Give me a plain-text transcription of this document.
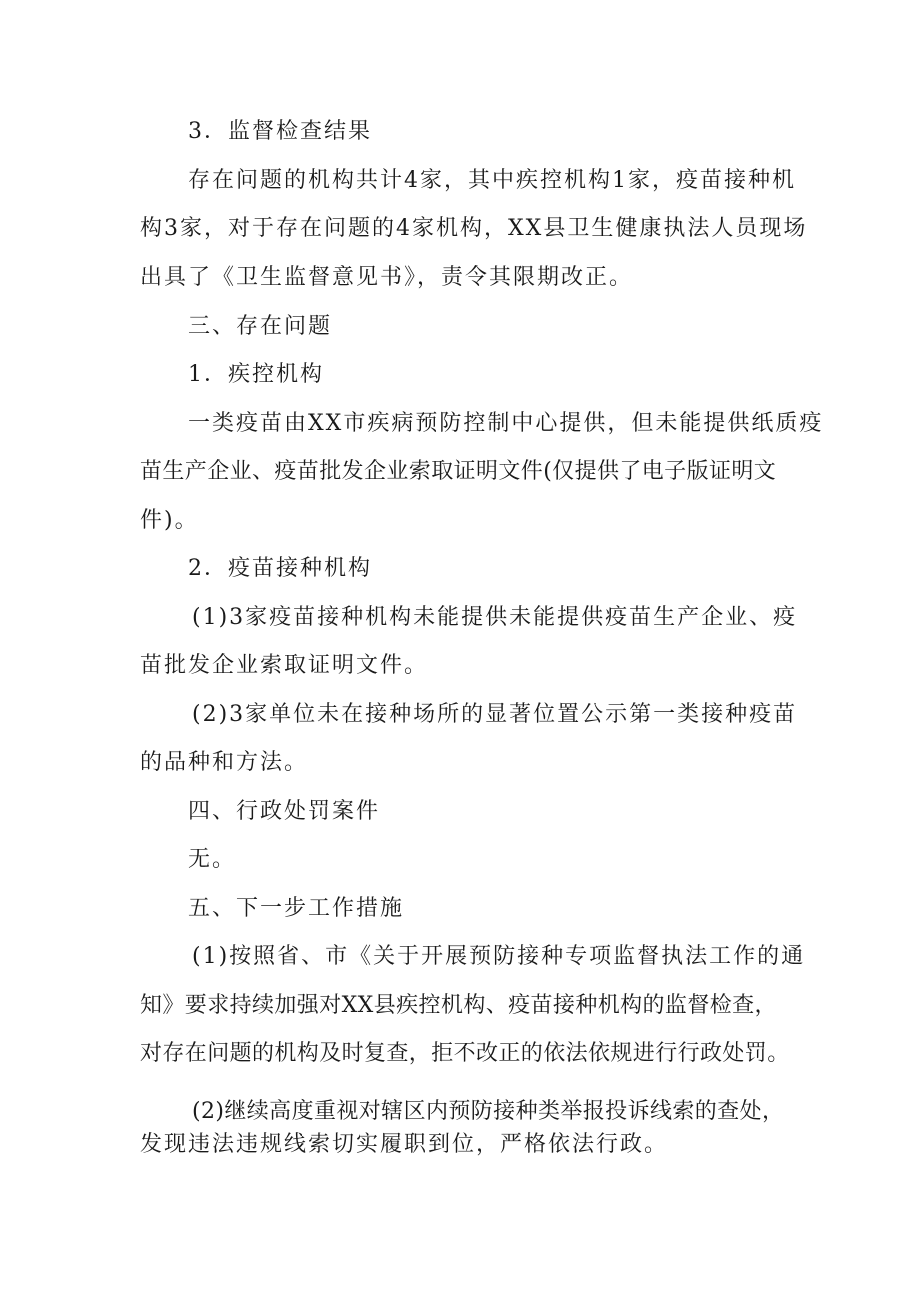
3．监督检查结果
存在问题的机构共计4家，其中疾控机构1家，疫苗接种机
构3家，对于存在问题的4家机构，XX县卫生健康执法人员现场
出具了《卫生监督意见书》，责令其限期改正。
三、存在问题
1．疾控机构
一类疫苗由XX市疾病预防控制中心提供，但未能提供纸质疫
苗生产企业、疫苗批发企业索取证明文件(仅提供了电子版证明文
件)。
2．疫苗接种机构
(1)3家疫苗接种机构未能提供未能提供疫苗生产企业、疫
苗批发企业索取证明文件。
(2)3家单位未在接种场所的显著位置公示第一类接种疫苗
的品种和方法。
四、行政处罚案件
无。
五、下一步工作措施
(1)按照省、市《关于开展预防接种专项监督执法工作的通
知》要求持续加强对XX县疾控机构、疫苗接种机构的监督检查，
对存在问题的机构及时复查，拒不改正的依法依规进行行政处罚。
(2)继续高度重视对辖区内预防接种类举报投诉线索的查处，
发现违法违规线索切实履职到位，严格依法行政。
